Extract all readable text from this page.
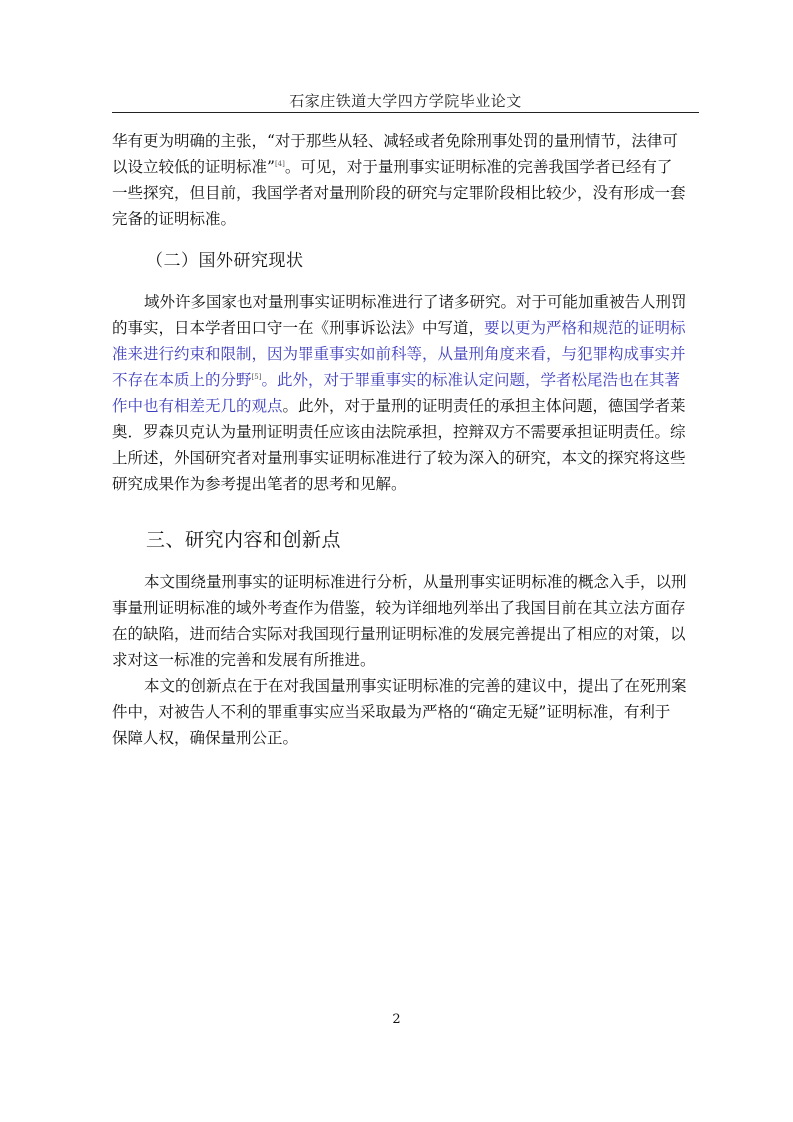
石家庄铁道大学四方学院毕业论文
华有更为明确的主张，“对于那些从轻、减轻或者免除刑事处罚的量刑情节，法律可
以设立较低的证明标准”[4]。可见，对于量刑事实证明标准的完善我国学者已经有了
一些探究，但目前，我国学者对量刑阶段的研究与定罪阶段相比较少，没有形成一套
完备的证明标准。
（二）国外研究现状
域外许多国家也对量刑事实证明标准进行了诸多研究。对于可能加重被告人刑罚
的事实，日本学者田口守一在《刑事诉讼法》中写道，要以更为严格和规范的证明标
准来进行约束和限制，因为罪重事实如前科等，从量刑角度来看，与犯罪构成事实并
不存在本质上的分野[5]。此外，对于罪重事实的标准认定问题，学者松尾浩也在其著
作中也有相差无几的观点。此外，对于量刑的证明责任的承担主体问题，德国学者莱
奥．罗森贝克认为量刑证明责任应该由法院承担，控辩双方不需要承担证明责任。综
上所述，外国研究者对量刑事实证明标准进行了较为深入的研究，本文的探究将这些
研究成果作为参考提出笔者的思考和见解。
三、研究内容和创新点
本文围绕量刑事实的证明标准进行分析，从量刑事实证明标准的概念入手，以刑
事量刑证明标准的域外考查作为借鉴，较为详细地列举出了我国目前在其立法方面存
在的缺陷，进而结合实际对我国现行量刑证明标准的发展完善提出了相应的对策，以
求对这一标准的完善和发展有所推进。
本文的创新点在于在对我国量刑事实证明标准的完善的建议中，提出了在死刑案
件中，对被告人不利的罪重事实应当采取最为严格的“确定无疑”证明标准，有利于
保障人权，确保量刑公正。
2
